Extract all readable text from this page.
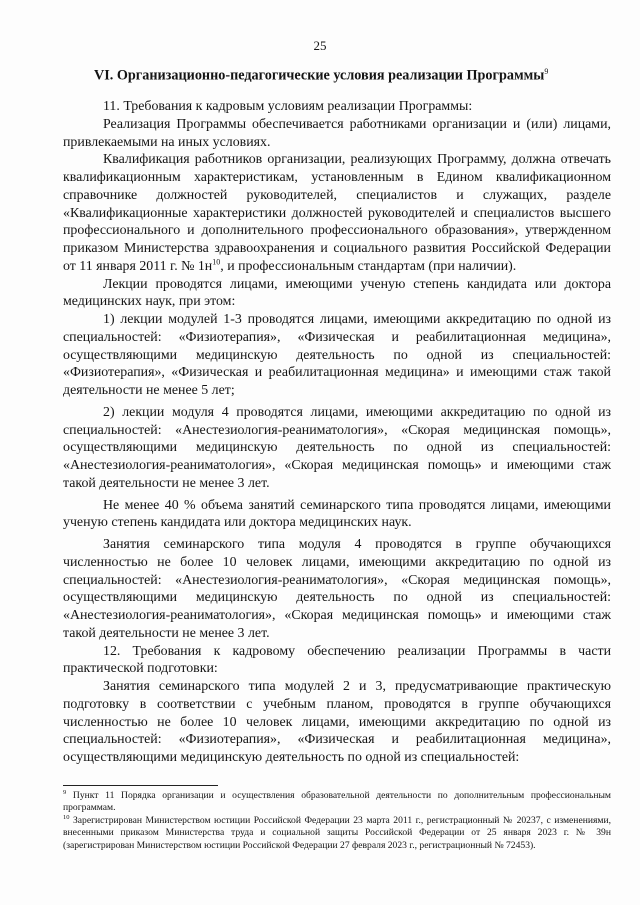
25
VI. Организационно-педагогические условия реализации Программы$^9$

11. Требования к кадровым условиям реализации Программы:

Реализация Программы обеспечивается работниками организации и (или) лицами, привлекаемыми на иных условиях.

Квалификация работников организации, реализующих Программу, должна отвечать квалификационным характеристикам, установленным в Едином квалификационном справочнике должностей руководителей, специалистов и служащих, разделе «Квалификационные характеристики должностей руководителей и специалистов высшего профессионального и дополнительного профессионального образования», утвержденном приказом Министерства здравоохранения и социального развития Российской Федерации от 11 января 2011 г. № $1н^{10}$, и профессиональным стандартам (при наличии).

Лекции проводятся лицами, имеющими ученую степень кандидата или доктора медицинских наук, при этом:

1) лекции модулей 1-3 проводятся лицами, имеющими аккредитацию по одной из специальностей: «Физиотерапия», «Физическая и реабилитационная медицина», осуществляющими медицинскую деятельность по одной из специальностей: «Физиотерапия», «Физическая и реабилитационная медицина» и имеющими стаж такой деятельности не менее 5 лет;

2) лекции модуля 4 проводятся лицами, имеющими аккредитацию по одной из специальностей: «Анестезиология-реаниматология», «Скорая медицинская помощь», осуществляющими медицинскую деятельность по одной из специальностей: «Анестезиология-реаниматология», «Скорая медицинская помощь» и имеющими стаж такой деятельности не менее 3 лет.

Не менее 40 % объема занятий семинарского типа проводятся лицами, имеющими ученую степень кандидата или доктора медицинских наук.

Занятия семинарского типа модуля 4 проводятся в группе обучающихся численностью не более 10 человек лицами, имеющими аккредитацию по одной из специальностей: «Анестезиология-реаниматология», «Скорая медицинская помощь», осуществляющими медицинскую деятельность по одной из специальностей: «Анестезиология-реаниматология», «Скорая медицинская помощь» и имеющими стаж такой деятельности не менее 3 лет.

12. Требования к кадровому обеспечению реализации Программы в части практической подготовки:

Занятия семинарского типа модулей 2 и 3, предусматривающие практическую подготовку в соответствии с учебным планом, проводятся в группе обучающихся численностью не более 10 человек лицами, имеющими аккредитацию по одной из специальностей: «Физиотерапия», «Физическая и реабилитационная медицина», осуществляющими медицинскую деятельность по одной из специальностей:

$^9$ Пункт 11 Порядка организации и осуществления образовательной деятельности по дополнительным профессиональным программам.

$^{10}$ Зарегистрирован Министерством юстиции Российской Федерации 23 марта 2011 г., регистрационный № 20237, с изменениями, внесенными приказом Министерства труда и социальной защиты Российской Федерации от 25 января 2023 г. № 39н (зарегистрирован Министерством юстиции Российской Федерации 27 февраля 2023 г., регистрационный № 72453).
